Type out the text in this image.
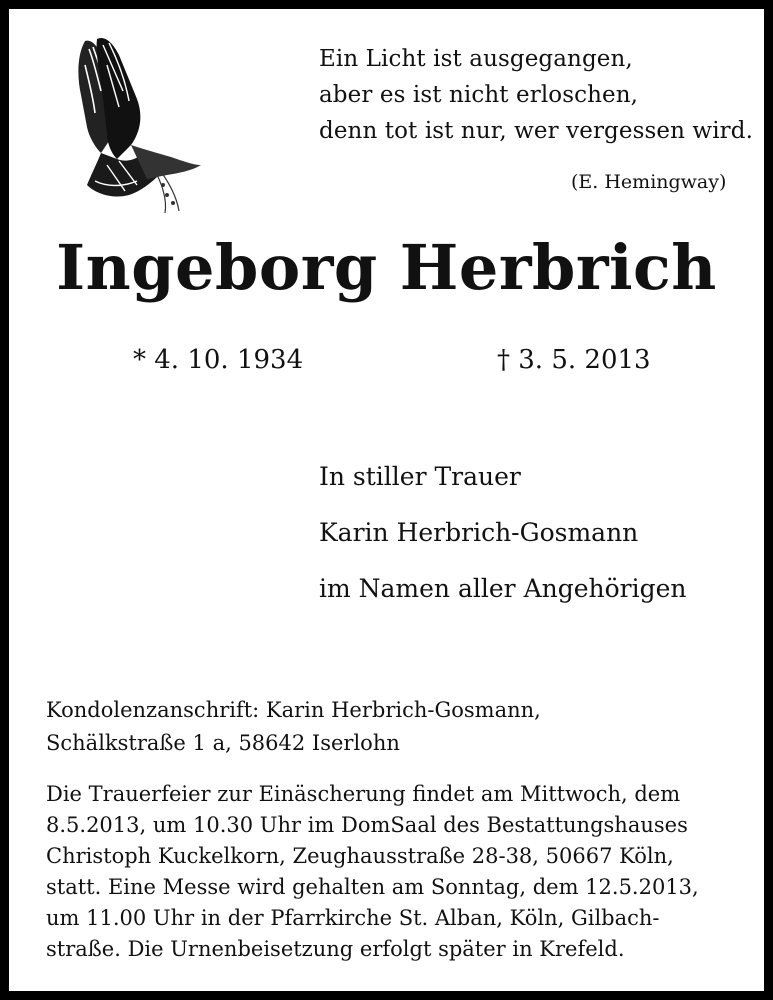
Ein Licht ist ausgegangen,
aber es ist nicht erloschen,
denn tot ist nur, wer vergessen wird.
(E. Hemingway)
Ingeborg Herbrich
* 4. 10. 1934	† 3. 5. 2013
In stiller Trauer
Karin Herbrich-Gosmann
im Namen aller Angehörigen
Kondolenzanschrift: Karin Herbrich-Gosmann,
Schälkstraße 1 a, 58642 Iserlohn
Die Trauerfeier zur Einäscherung findet am Mittwoch, dem
8.5.2013, um 10.30 Uhr im DomSaal des Bestattungshauses
Christoph Kuckelkorn, Zeughausstraße 28-38, 50667 Köln,
statt. Eine Messe wird gehalten am Sonntag, dem 12.5.2013,
um 11.00 Uhr in der Pfarrkirche St. Alban, Köln, Gilbach-
straße. Die Urnenbeisetzung erfolgt später in Krefeld.
